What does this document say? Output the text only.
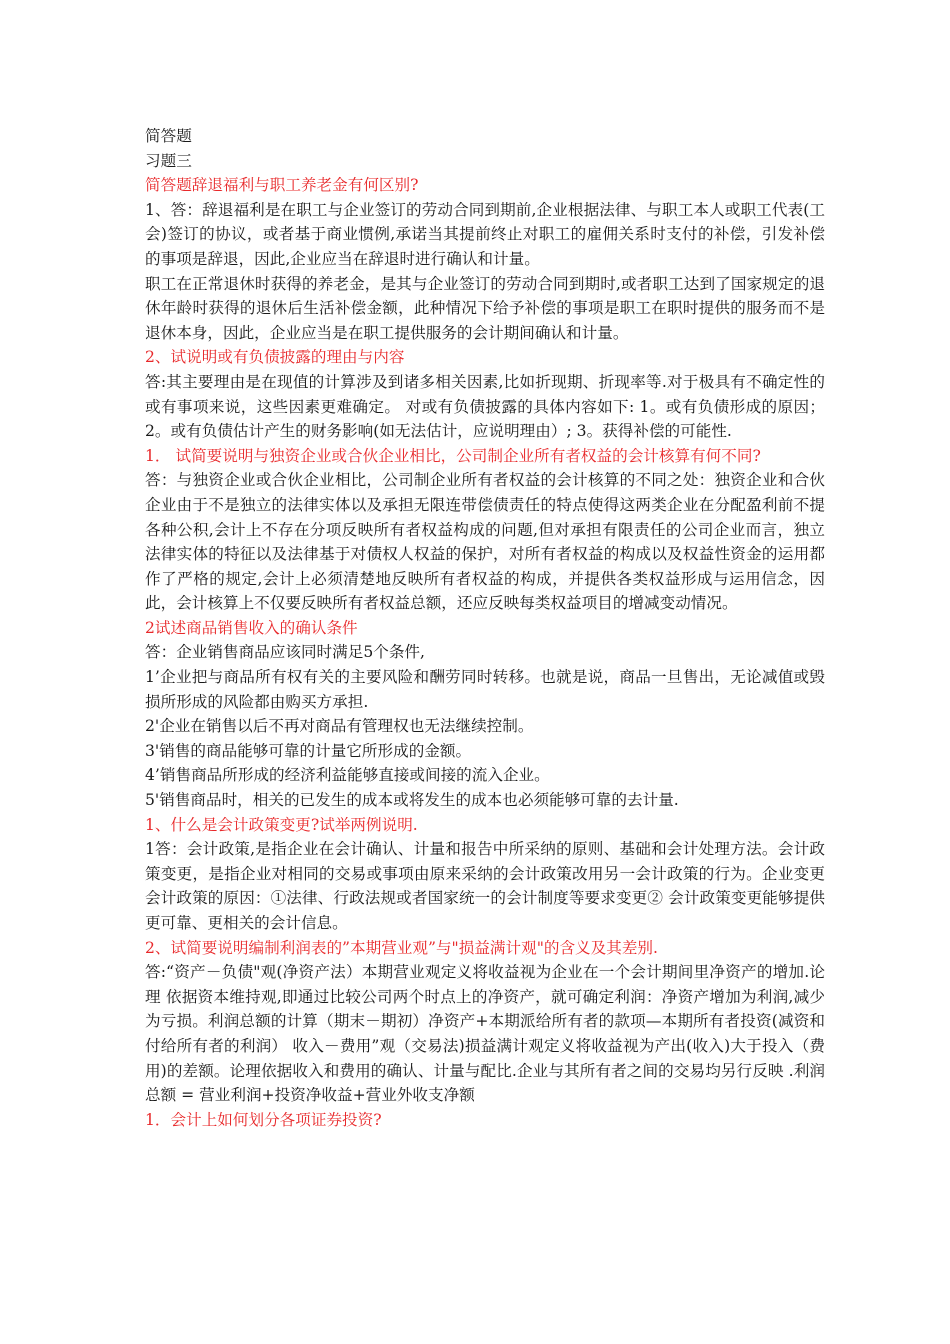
简答题

习题三

简答题辞退福利与职工养老金有何区别?

1、答：辞退福利是在职工与企业签订的劳动合同到期前,企业根据法律、与职工本人或职工代表(工会)签订的协议，或者基于商业惯例,承诺当其提前终止对职工的雇佣关系时支付的补偿，引发补偿的事项是辞退，因此,企业应当在辞退时进行确认和计量。

职工在正常退休时获得的养老金，是其与企业签订的劳动合同到期时,或者职工达到了国家规定的退休年龄时获得的退休后生活补偿金额，此种情况下给予补偿的事项是职工在职时提供的服务而不是退休本身，因此，企业应当是在职工提供服务的会计期间确认和计量。

2、试说明或有负债披露的理由与内容

答:其主要理由是在现值的计算涉及到诸多相关因素,比如折现期、折现率等.对于极具有不确定性的或有事项来说，这些因素更难确定。 对或有负债披露的具体内容如下: 1。或有负债形成的原因； 2。或有负债估计产生的财务影响(如无法估计，应说明理由）; 3。获得补偿的可能性.

1． 试简要说明与独资企业或合伙企业相比，公司制企业所有者权益的会计核算有何不同?

答：与独资企业或合伙企业相比，公司制企业所有者权益的会计核算的不同之处：独资企业和合伙企业由于不是独立的法律实体以及承担无限连带偿债责任的特点使得这两类企业在分配盈利前不提各种公积,会计上不存在分项反映所有者权益构成的问题,但对承担有限责任的公司企业而言，独立法律实体的特征以及法律基于对债权人权益的保护，对所有者权益的构成以及权益性资金的运用都作了严格的规定,会计上必须清楚地反映所有者权益的构成，并提供各类权益形成与运用信念，因此，会计核算上不仅要反映所有者权益总额，还应反映每类权益项目的增减变动情况。

2试述商品销售收入的确认条件

答：企业销售商品应该同时满足5个条件,

1’企业把与商品所有权有关的主要风险和酬劳同时转移。也就是说，商品一旦售出，无论减值或毁损所形成的风险都由购买方承担.

2'企业在销售以后不再对商品有管理权也无法继续控制。

3'销售的商品能够可靠的计量它所形成的金额。

4’销售商品所形成的经济利益能够直接或间接的流入企业。

5'销售商品时，相关的已发生的成本或将发生的成本也必须能够可靠的去计量.

1、什么是会计政策变更?试举两例说明.

1答：会计政策,是指企业在会计确认、计量和报告中所采纳的原则、基础和会计处理方法。会计政策变更，是指企业对相同的交易或事项由原来采纳的会计政策改用另一会计政策的行为。企业变更会计政策的原因：①法律、行政法规或者国家统一的会计制度等要求变更② 会计政策变更能够提供更可靠、更相关的会计信息。

2、试简要说明编制利润表的”本期营业观”与"损益满计观"的含义及其差别.

答:“资产－负债"观(净资产法）本期营业观定义将收益视为企业在一个会计期间里净资产的增加.论理 依据资本维持观,即通过比较公司两个时点上的净资产，就可确定利润：净资产增加为利润,减少为亏损。利润总额的计算（期末－期初）净资产+本期派给所有者的款项—本期所有者投资(减资和付给所有者的利润） 收入－费用”观（交易法)损益满计观定义将收益视为产出(收入)大于投入（费用)的差额。论理依据收入和费用的确认、计量与配比.企业与其所有者之间的交易均另行反映 .利润总额 = 营业利润+投资净收益+营业外收支净额

1．会计上如何划分各项证券投资?
